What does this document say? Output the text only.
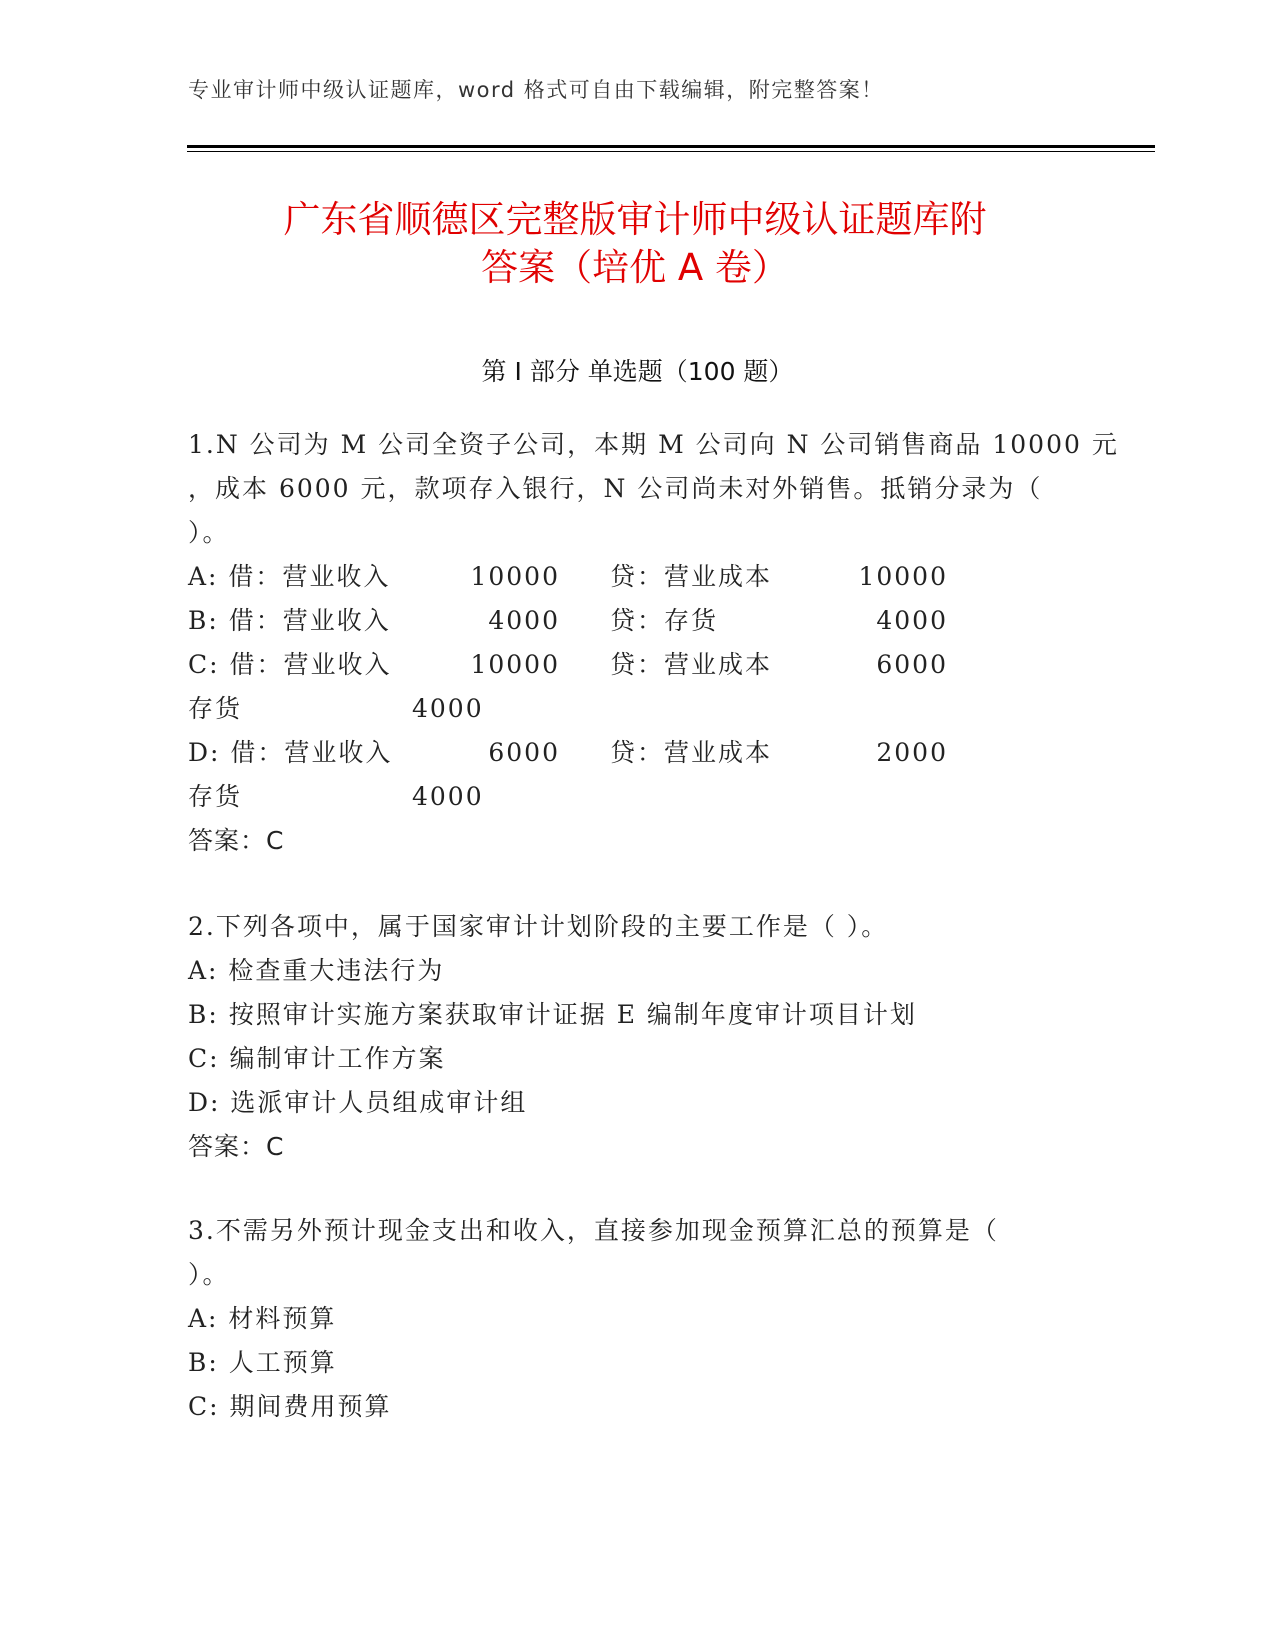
专业审计师中级认证题库，word 格式可自由下载编辑，附完整答案！
广东省顺德区完整版审计师中级认证题库附
答案（培优 A 卷）
第 I 部分 单选题（100 题）
1.N 公司为 M 公司全资子公司，本期 M 公司向 N 公司销售商品 10000 元
，成本 6000 元，款项存入银行，N 公司尚未对外销售。抵销分录为（
）。
A: 借：营业收入	10000 贷：营业成本	10000
B: 借：营业收入	4000 贷：存货	4000
C: 借：营业收入	10000 贷：营业成本	6000
存货	4000
D: 借：营业收入	6000 贷：营业成本	2000
存货	4000
答案：C
2.下列各项中，属于国家审计计划阶段的主要工作是（ ）。
A: 检查重大违法行为
B: 按照审计实施方案获取审计证据 E 编制年度审计项目计划
C: 编制审计工作方案
D: 选派审计人员组成审计组
答案：C
3.不需另外预计现金支出和收入，直接参加现金预算汇总的预算是（
）。
A: 材料预算
B: 人工预算
C: 期间费用预算
